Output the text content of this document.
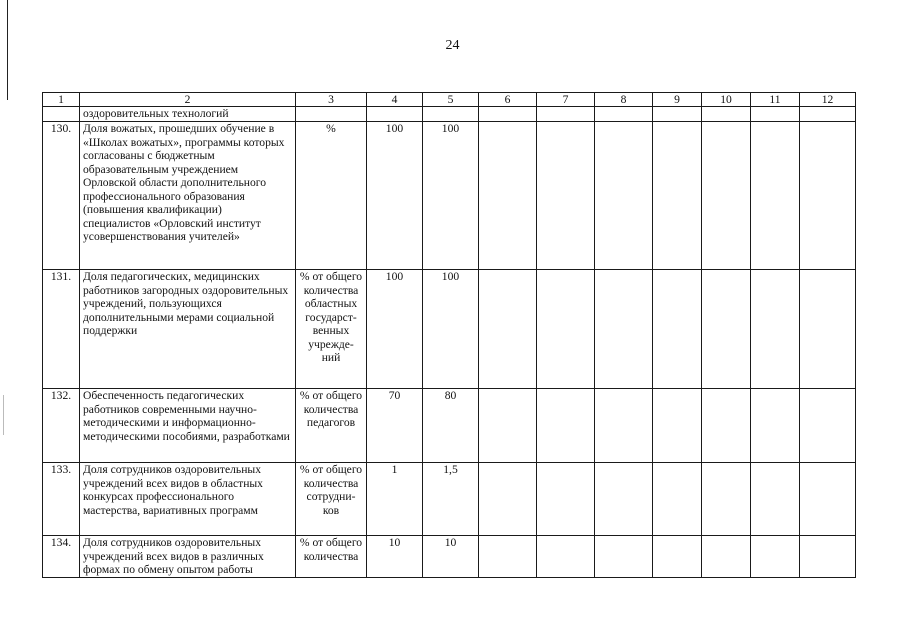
24
1	2	3	4	5	6	7	8	9	10	11	12
	оздоровительных технологий										
130.	Доля вожатых, прошедших обучение в «Школах вожатых», программы которых согласованы с бюджетным образовательным учреждением Орловской области дополнительного профессионального образования (повышения квалификации) специалистов «Орловский институт усовершенствования учителей»	%	100	100							
131.	Доля педагогических, медицинских работников загородных оздоровительных учреждений, пользующихся дополнительными мерами социальной поддержки	% от общего количества областных государст-венных учрежде-ний	100	100							
132.	Обеспеченность педагогических работников современными научно-методическими и информационно-методическими пособиями, разработками	% от общего количества педагогов	70	80							
133.	Доля сотрудников оздоровительных учреждений всех видов в областных конкурсах профессионального мастерства, вариативных программ	% от общего количества сотрудни-ков	1	1,5							
134.	Доля сотрудников оздоровительных учреждений всех видов в различных формах по обмену опытом работы	% от общего количества	10	10							
